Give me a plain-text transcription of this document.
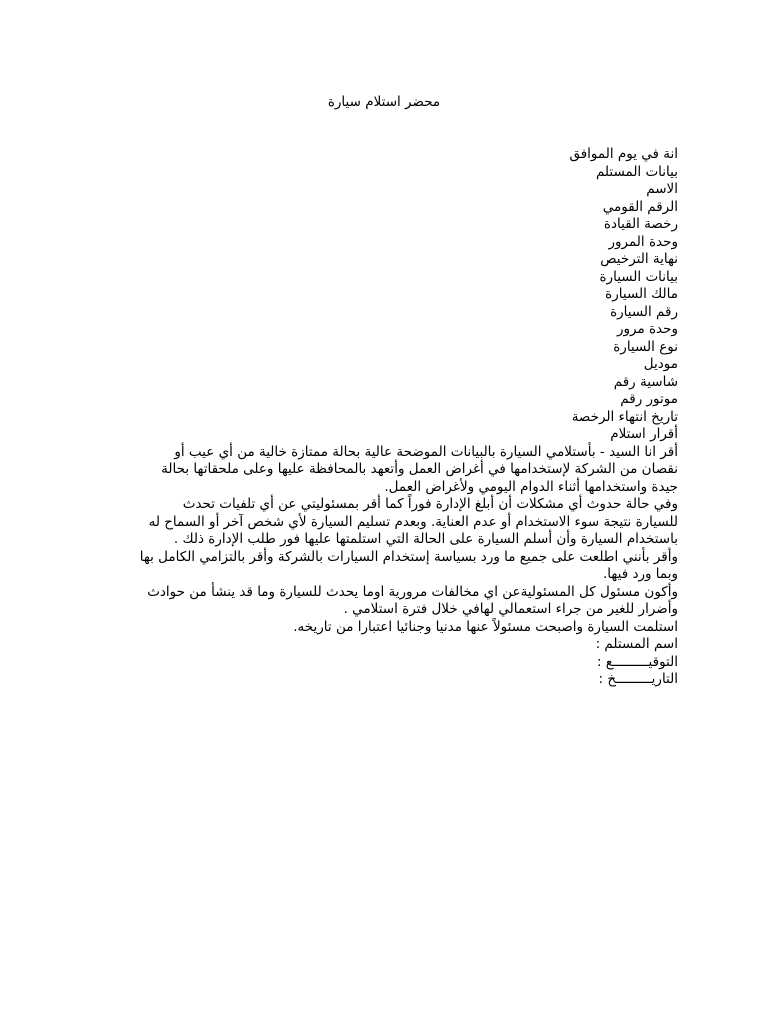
محضر استلام سيارة

انة في يوم الموافق

بيانات المستلم

الاسم

الرقم القومي

رخصة القيادة

وحدة المرور

نهاية الترخيص

بيانات السيارة

مالك السيارة

رقم السيارة

وحدة مرور

نوع السيارة

موديل

شاسية رقم

موتور رقم

تاريخ انتهاء الرخصة

أقرار استلام

أقر انا السيد - بأستلامي السيارة بالبيانات الموضحة عالية بحالة ممتازة خالية من أي عيب أو

نقصان من الشركة لإستخدامها في أغراض العمل وأتعهد بالمحافظة عليها وعلى ملحقاتها بحالة

جيدة واستخدامها أثناء الدوام اليومي ولأغراض العمل.

وفي حالة حدوث أي مشكلات أن أبلغ الإدارة فوراً كما أقر بمسئوليتي عن أي تلفيات تحدث

للسيارة نتيجة سوء الاستخدام أو عدم العناية. وبعدم تسليم السيارة لأي شخص آخر أو السماح له

باستخدام السيارة وأن أسلم السيارة على الحالة التي استلمتها عليها فور طلب الإدارة ذلك .

وأقر بأنني اطلعت على جميع ما ورد بسياسة إستخدام السيارات بالشركة وأقر بالتزامي الكامل بها

وبما ورد فيها.

وأكون مسئول كل المسئوليةعن اي مخالفات مرورية اوما يحدث للسيارة وما قد ينشأ من حوادث

وأضرار للغير من جراء استعمالي لهافي خلال فترة استلامي .

استلمت السيارة واصبحت مسئولاً عنها مدنيا وجنائيا اعتبارا من تاريخه.

اسم المستلم :

التوقيـــــــــع :

التاريـــــــــخ :
